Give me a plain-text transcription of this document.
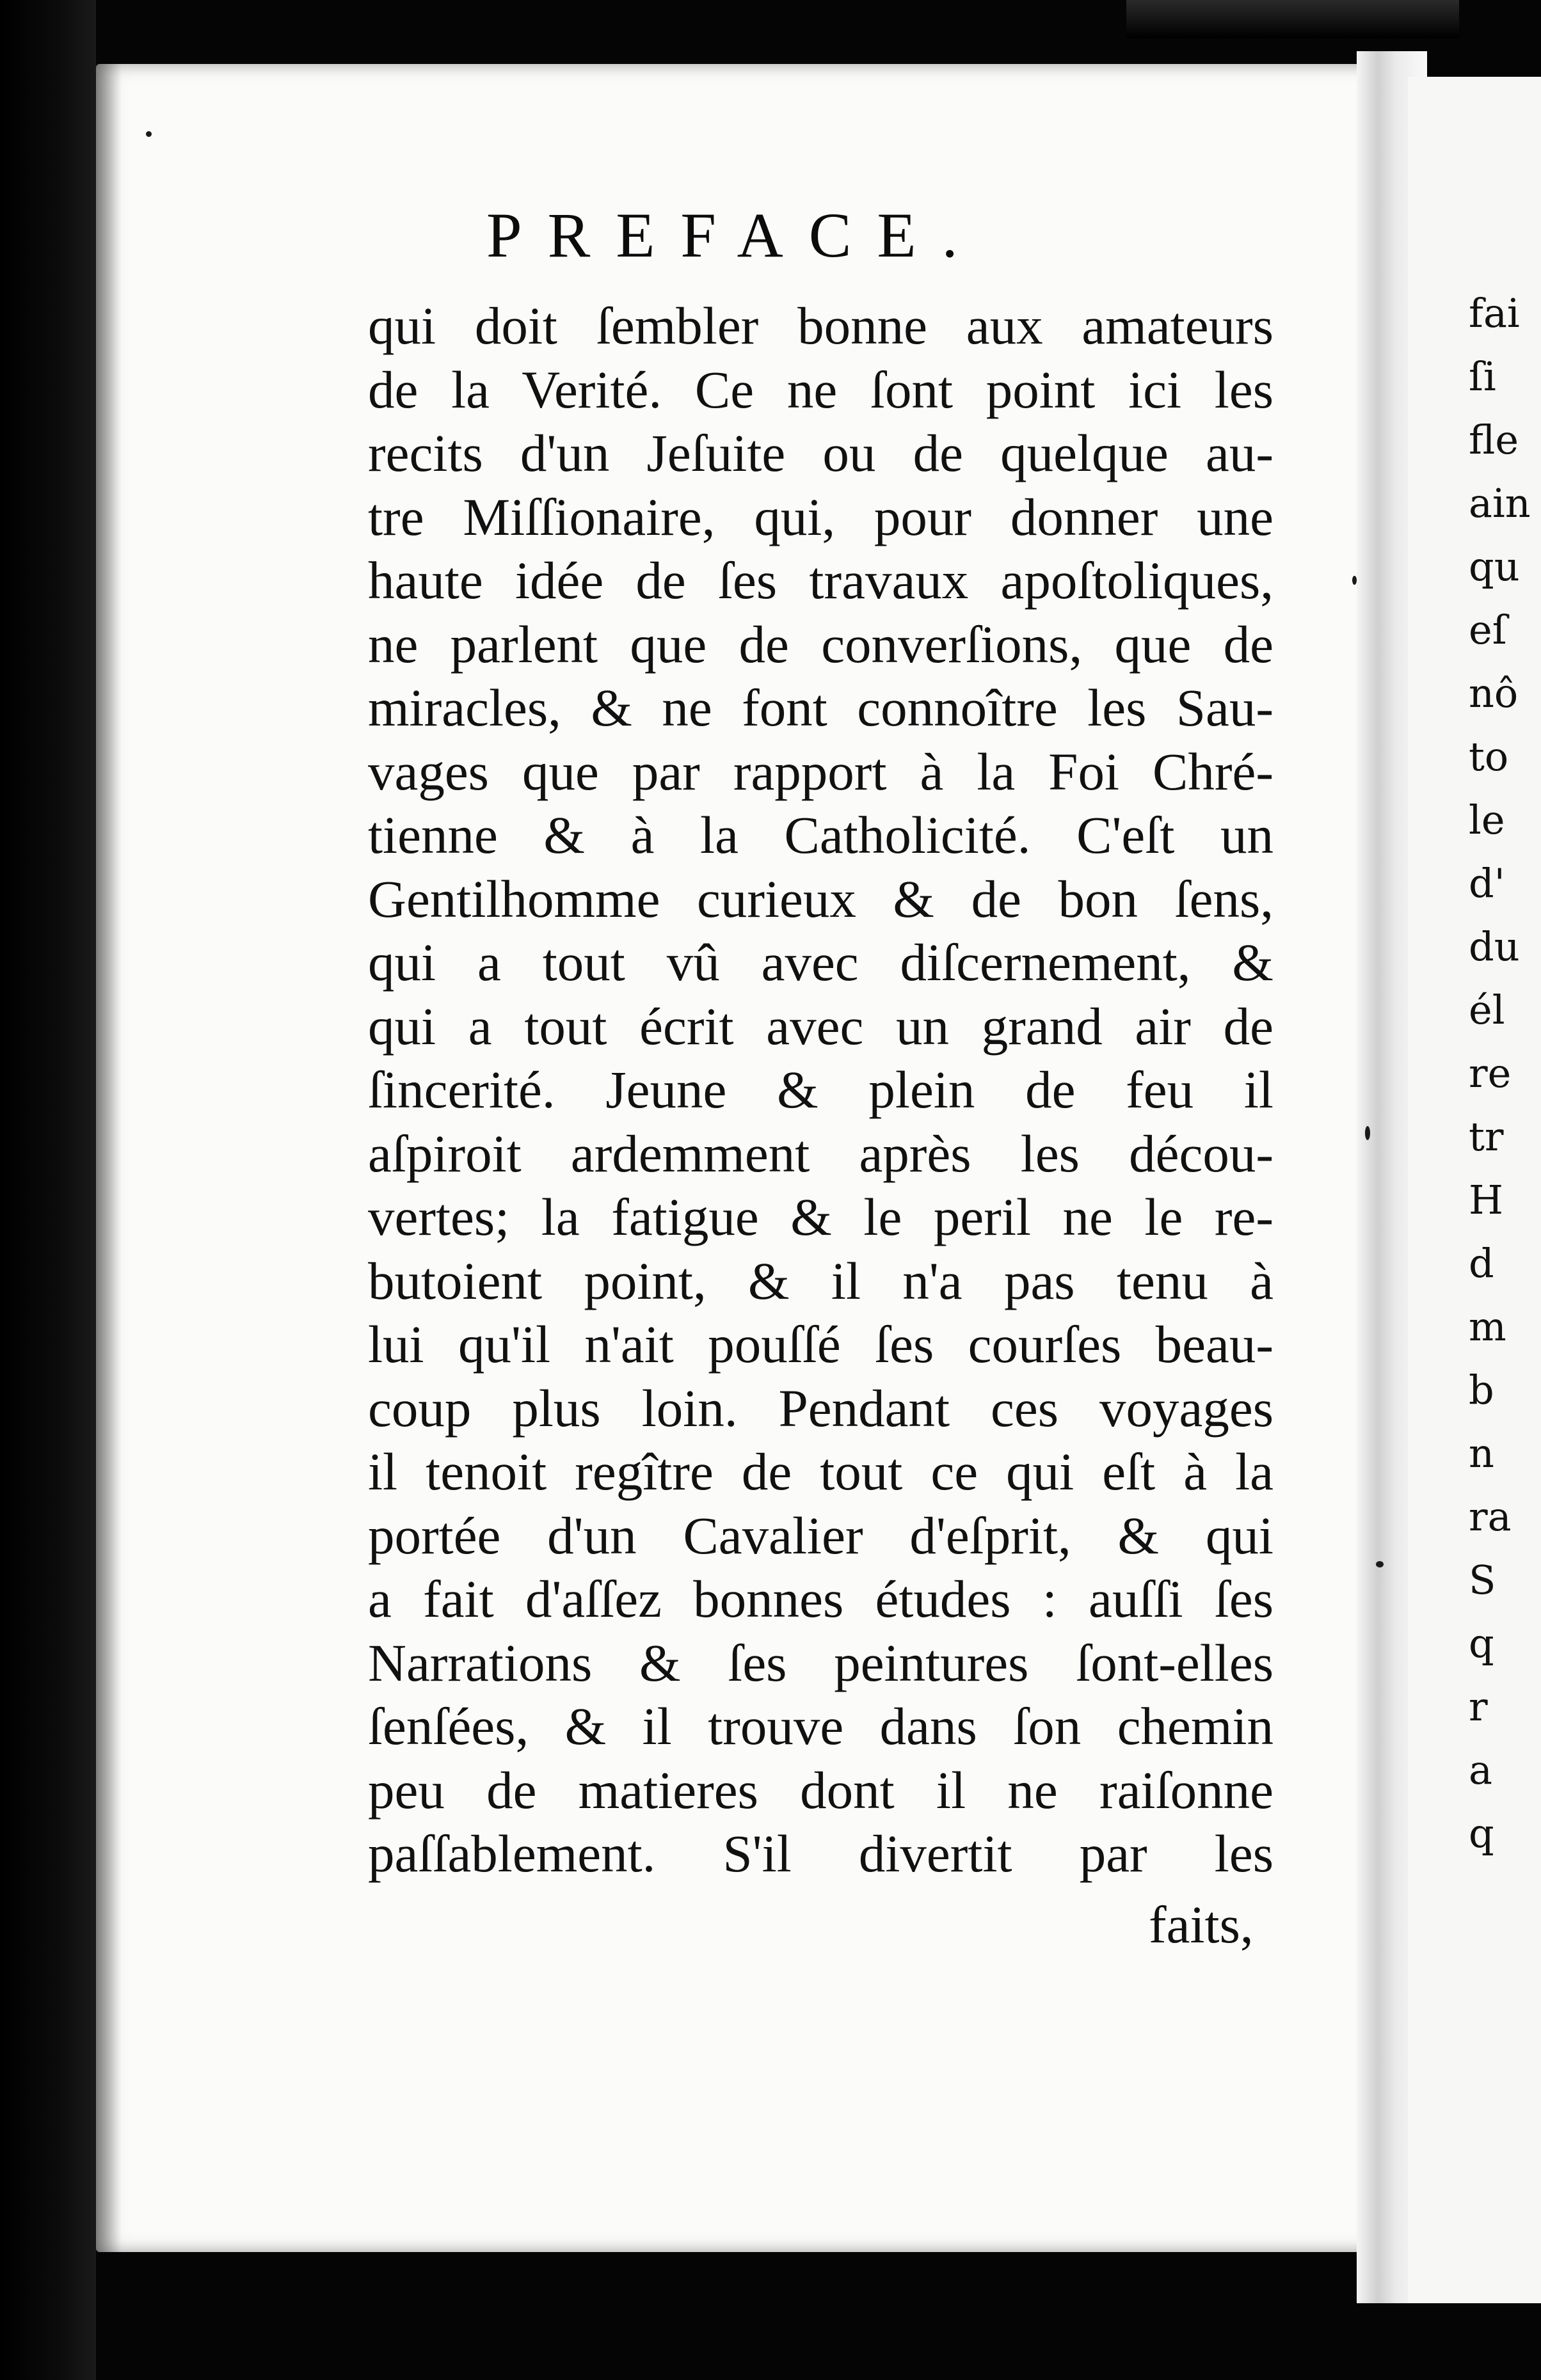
fai
ſi
fle
ain
qu
eſ
nô
to
le
d'
du
él
re
tr
H
d
m
b
n
ra
S
q
r
a
q
PREFACE.
qui doit ſembler bonne aux amateurs
de la Verité. Ce ne ſont point ici les
recits d'un Jeſuite ou de quelque au-
tre Miſſionaire, qui, pour donner une
haute idée de ſes travaux apoſtoliques,
ne parlent que de converſions, que de
miracles, & ne font connoître les Sau-
vages que par rapport à la Foi Chré-
tienne & à la Catholicité. C'eſt un
Gentilhomme curieux & de bon ſens,
qui a tout vû avec diſcernement, &
qui a tout écrit avec un grand air de
ſincerité. Jeune & plein de feu il
aſpiroit ardemment après les décou-
vertes; la fatigue & le peril ne le re-
butoient point, & il n'a pas tenu à
lui qu'il n'ait pouſſé ſes courſes beau-
coup plus loin. Pendant ces voyages
il tenoit regître de tout ce qui eſt à la
portée d'un Cavalier d'eſprit, & qui
a fait d'aſſez bonnes études : auſſi ſes
Narrations & ſes peintures ſont-elles
ſenſées, & il trouve dans ſon chemin
peu de matieres dont il ne raiſonne
paſſablement. S'il divertit par les
faits,
